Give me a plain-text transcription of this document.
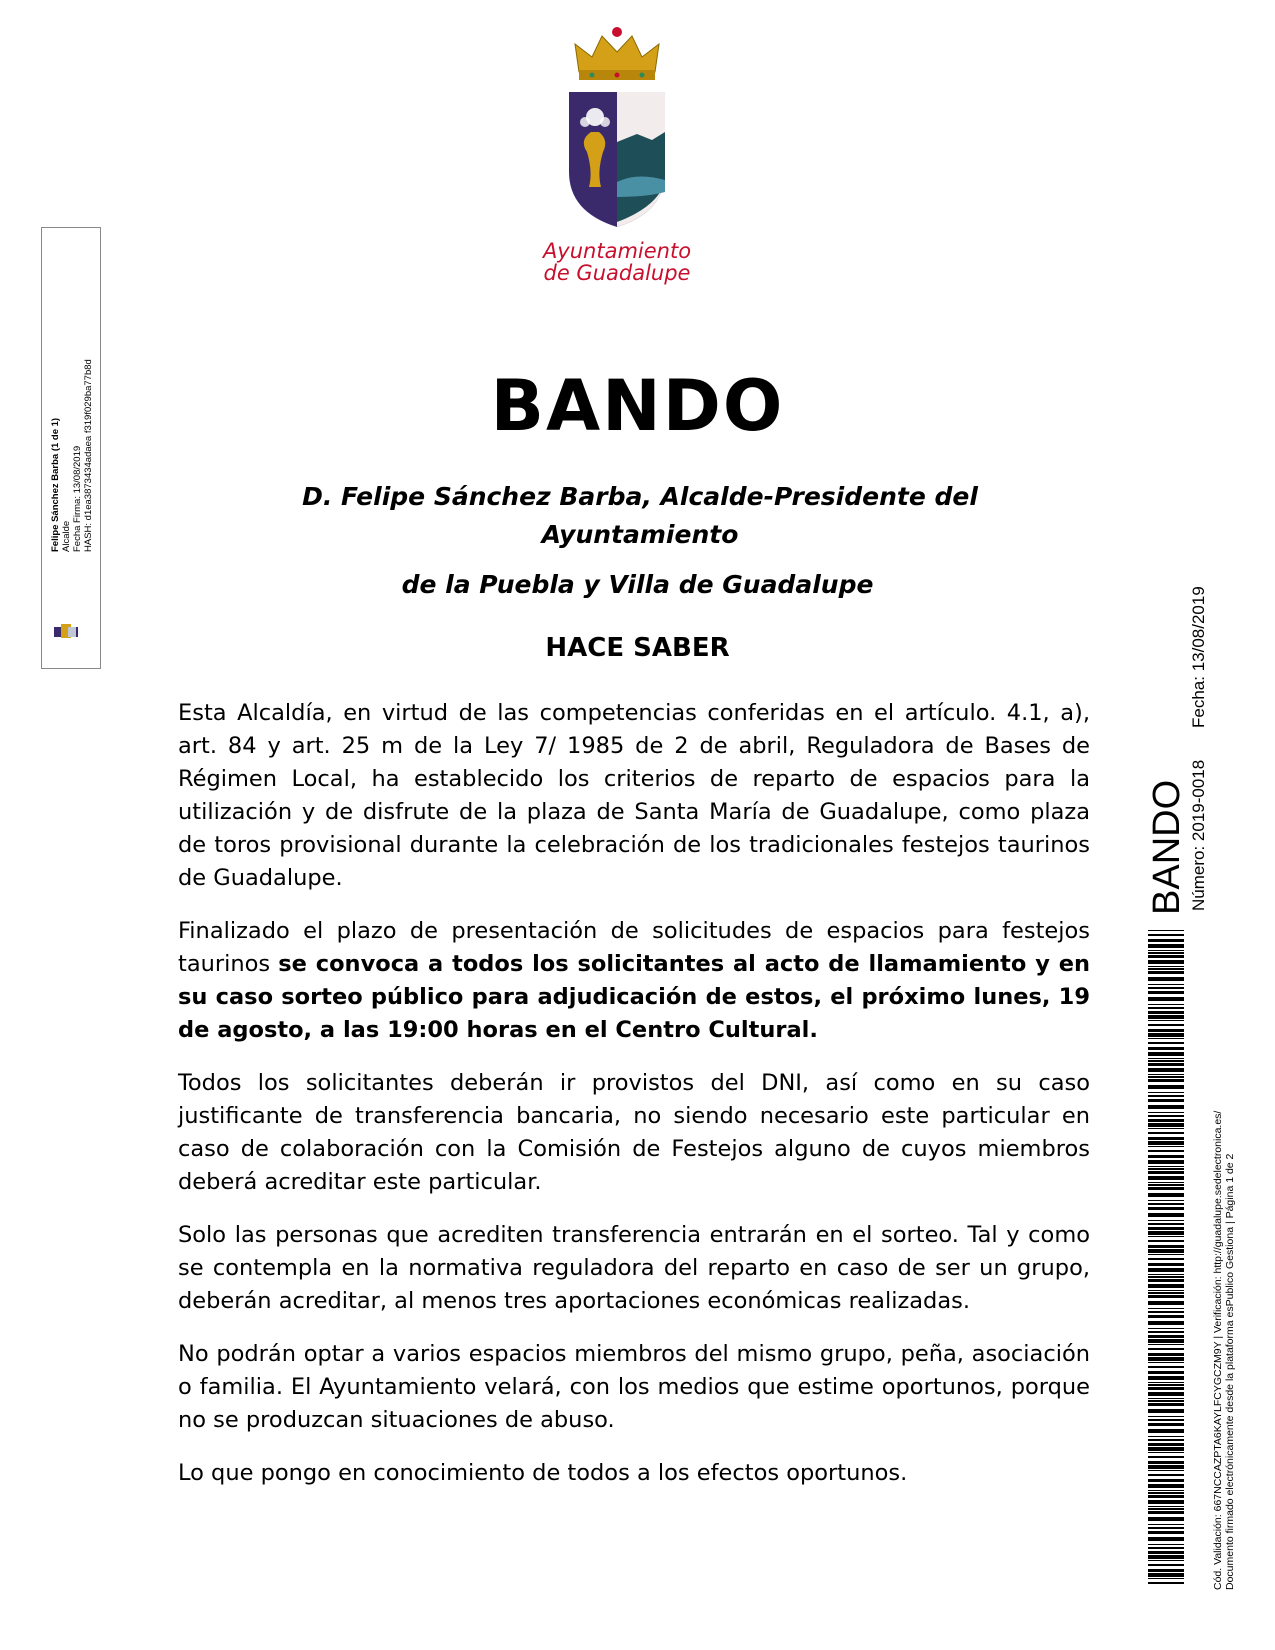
Ayuntamiento
de Guadalupe
BANDO
D. Felipe Sánchez Barba, Alcalde-Presidente del Ayuntamiento
de la Puebla y Villa de Guadalupe
HACE SABER

Esta Alcaldía, en virtud de las competencias conferidas en el artículo. 4.1, a), art. 84 y art. 25 m de la Ley 7/ 1985 de 2 de abril, Reguladora de Bases de Régimen Local, ha establecido los criterios de reparto de espacios para la utilización y de disfrute de la plaza de Santa María de Guadalupe, como plaza de toros provisional durante la celebración de los tradicionales festejos taurinos de Guadalupe.

Finalizado el plazo de presentación de solicitudes de espacios para festejos taurinos se convoca a todos los solicitantes al acto de llamamiento y en su caso sorteo público para adjudicación de estos, el próximo lunes, 19 de agosto, a las 19:00 horas en el Centro Cultural.

Todos los solicitantes deberán ir provistos del DNI, así como en su caso justificante de transferencia bancaria, no siendo necesario este particular en caso de colaboración con la Comisión de Festejos alguno de cuyos miembros deberá acreditar este particular.

Solo las personas que acrediten transferencia entrarán en el sorteo. Tal y como se contempla en la normativa reguladora del reparto en caso de ser un grupo, deberán acreditar, al menos tres aportaciones económicas realizadas.

No podrán optar a varios espacios miembros del mismo grupo, peña, asociación o familia. El Ayuntamiento velará, con los medios que estime oportunos, porque no se produzcan situaciones de abuso.

Lo que pongo en conocimiento de todos a los efectos oportunos.

Felipe Sánchez Barba (1 de 1) Alcalde Fecha Firma: 13/08/2019 HASH: d1ea3873434adaea f319f029ba77b8d
BANDO Número: 2019-0018
Fecha: 13/08/2019
Cód. Validación: 667NCCAZPTA6KAYLFCYGCZM9Y | Verificación: http://guadalupe.sedelectronica.es/ Documento firmado electrónicamente desde la plataforma esPublico Gestiona | Página 1 de 2
